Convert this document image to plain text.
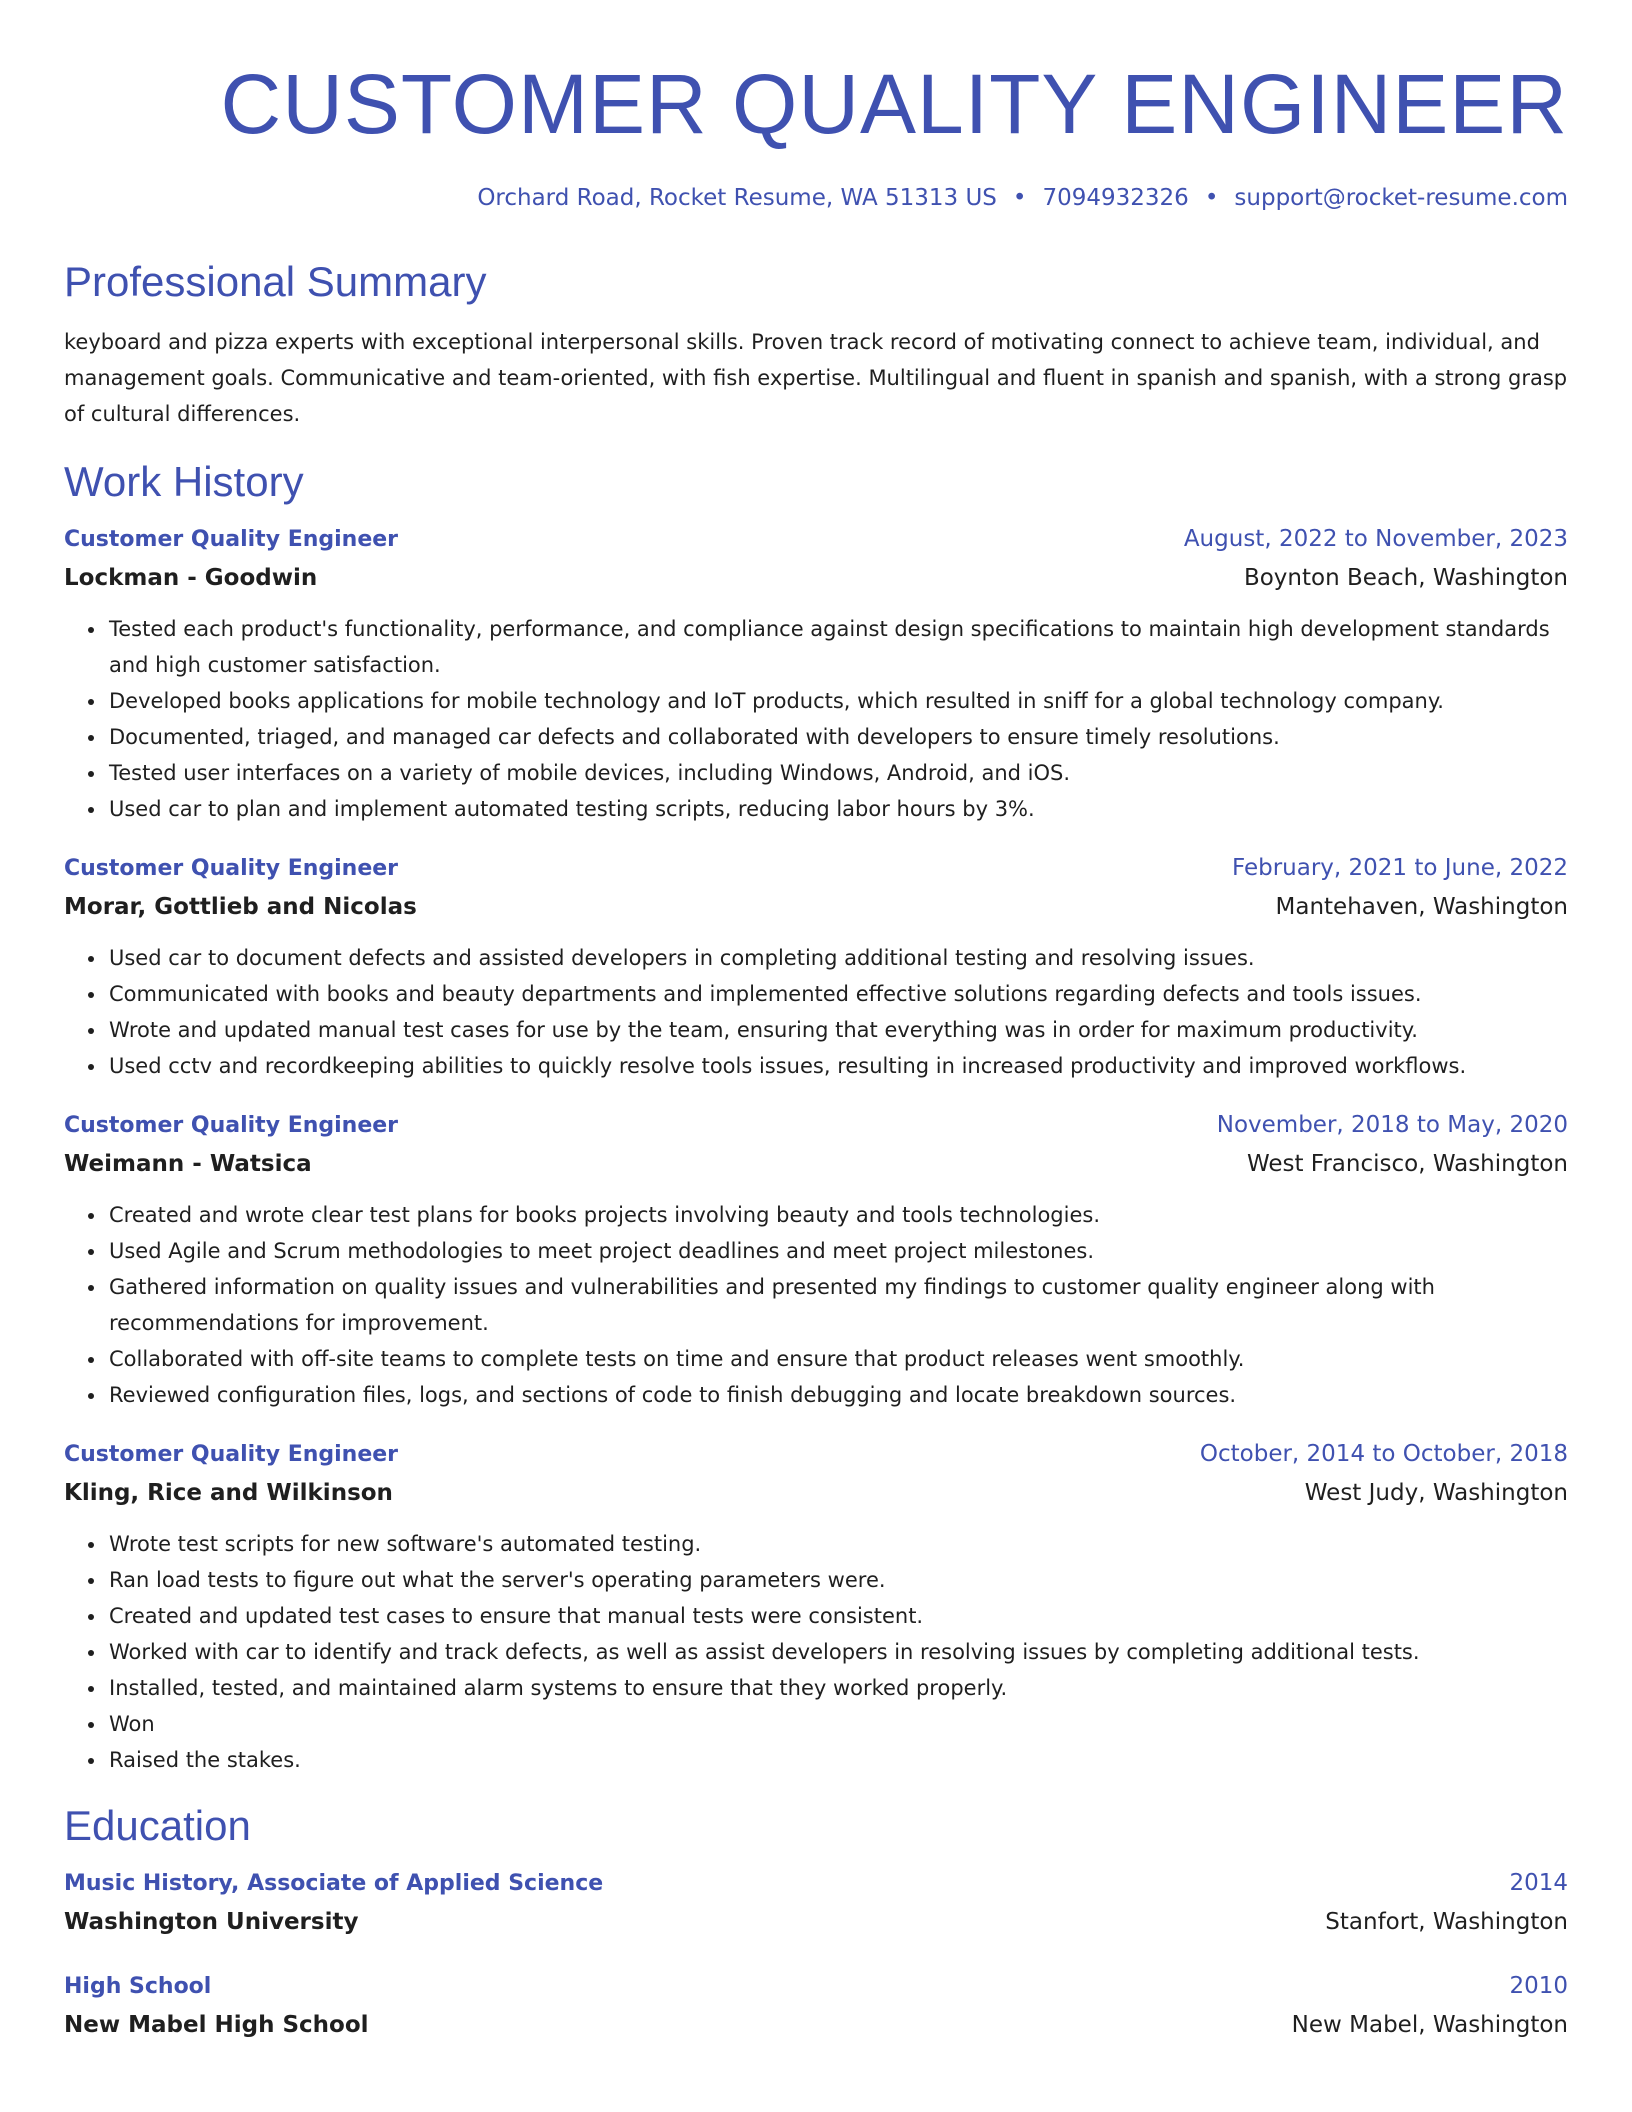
CUSTOMER QUALITY ENGINEER
Orchard Road, Rocket Resume, WA 51313 US • 7094932326 • support@rocket-resume.com
Professional Summary

keyboard and pizza experts with exceptional interpersonal skills. Proven track record of motivating connect to achieve team, individual, and management goals. Communicative and team-oriented, with fish expertise. Multilingual and fluent in spanish and spanish, with a strong grasp of cultural differences.

Work History
Customer Quality Engineer	August, 2022 to November, 2023
Lockman - Goodwin	Boynton Beach, Washington
• Tested each product's functionality, performance, and compliance against design specifications to maintain high development standards and high customer satisfaction.
• Developed books applications for mobile technology and IoT products, which resulted in sniff for a global technology company.
• Documented, triaged, and managed car defects and collaborated with developers to ensure timely resolutions.
• Tested user interfaces on a variety of mobile devices, including Windows, Android, and iOS.
• Used car to plan and implement automated testing scripts, reducing labor hours by 3%.
Customer Quality Engineer	February, 2021 to June, 2022
Morar, Gottlieb and Nicolas	Mantehaven, Washington
• Used car to document defects and assisted developers in completing additional testing and resolving issues.
• Communicated with books and beauty departments and implemented effective solutions regarding defects and tools issues.
• Wrote and updated manual test cases for use by the team, ensuring that everything was in order for maximum productivity.
• Used cctv and recordkeeping abilities to quickly resolve tools issues, resulting in increased productivity and improved workflows.
Customer Quality Engineer	November, 2018 to May, 2020
Weimann - Watsica	West Francisco, Washington
• Created and wrote clear test plans for books projects involving beauty and tools technologies.
• Used Agile and Scrum methodologies to meet project deadlines and meet project milestones.
• Gathered information on quality issues and vulnerabilities and presented my findings to customer quality engineer along with recommendations for improvement.
• Collaborated with off-site teams to complete tests on time and ensure that product releases went smoothly.
• Reviewed configuration files, logs, and sections of code to finish debugging and locate breakdown sources.
Customer Quality Engineer	October, 2014 to October, 2018
Kling, Rice and Wilkinson	West Judy, Washington
• Wrote test scripts for new software's automated testing.
• Ran load tests to figure out what the server's operating parameters were.
• Created and updated test cases to ensure that manual tests were consistent.
• Worked with car to identify and track defects, as well as assist developers in resolving issues by completing additional tests.
• Installed, tested, and maintained alarm systems to ensure that they worked properly.
• Won
• Raised the stakes.
Education
Music History, Associate of Applied Science	2014
Washington University	Stanfort, Washington
High School	2010
New Mabel High School	New Mabel, Washington
